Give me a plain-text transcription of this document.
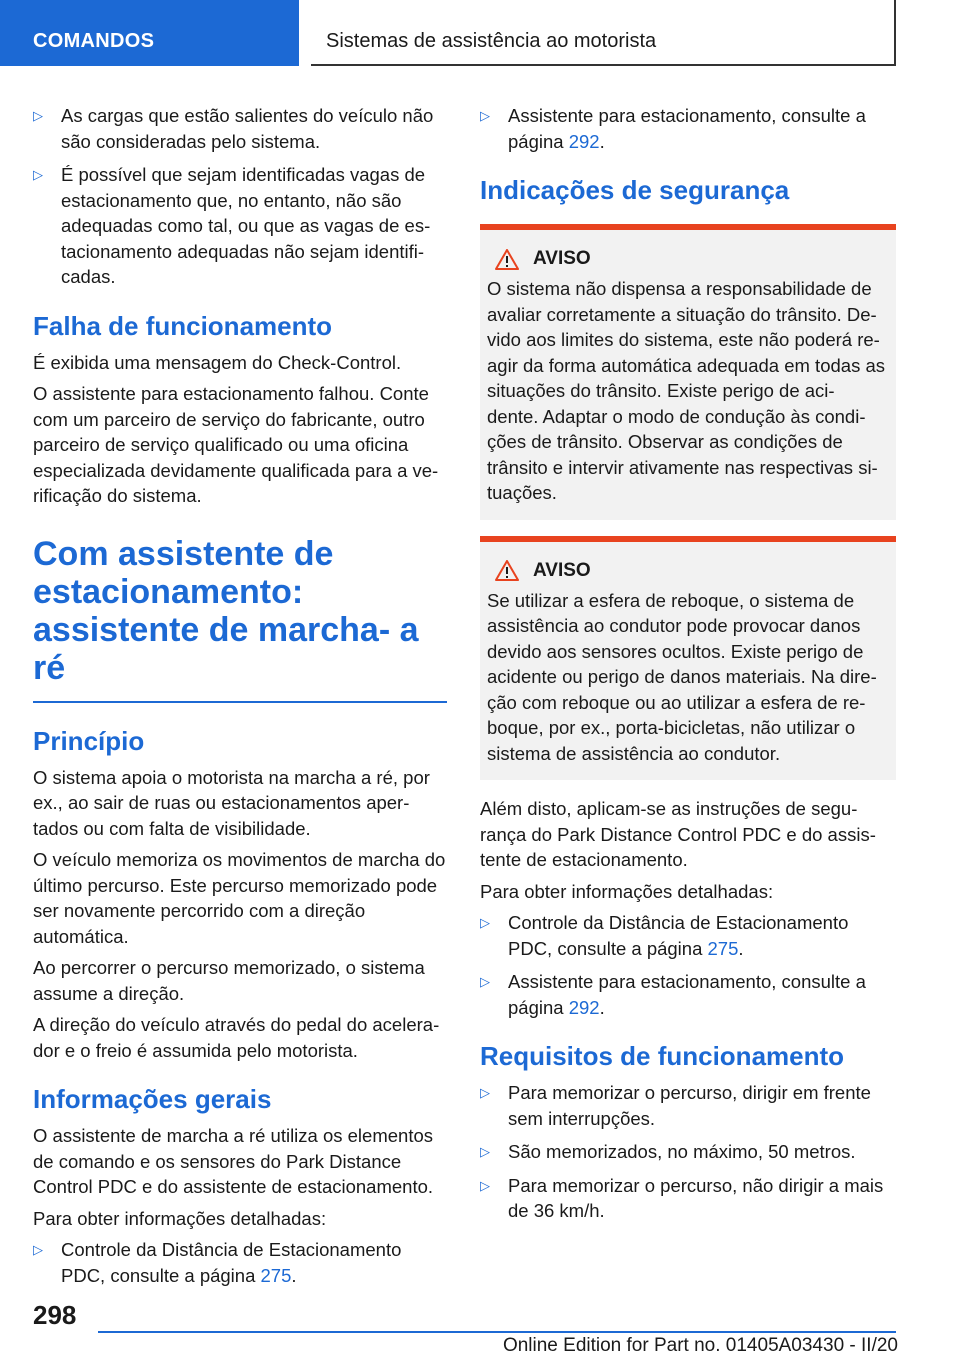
COMANDOS	Sistemas de assistência ao motorista
▷ As cargas que estão salientes do veículo não são consideradas pelo sistema.
▷ É possível que sejam identificadas vagas de estacionamento que, no entanto, não são adequadas como tal, ou que as vagas de es- tacionamento adequadas não sejam identifi- cadas.
Falha de funcionamento

É exibida uma mensagem do Check-Control.

O assistente para estacionamento falhou. Conte com um parceiro de serviço do fabricante, outro parceiro de serviço qualificado ou uma oficina especializada devidamente qualificada para a ve- rificação do sistema.

Com assistente de estacionamento: assistente de marcha- a ré
Princípio

O sistema apoia o motorista na marcha a ré, por ex., ao sair de ruas ou estacionamentos aper- tados ou com falta de visibilidade.

O veículo memoriza os movimentos de marcha do último percurso. Este percurso memorizado pode ser novamente percorrido com a direção automática.

Ao percorrer o percurso memorizado, o sistema assume a direção.

A direção do veículo através do pedal do acelera- dor e o freio é assumida pelo motorista.

Informações gerais

O assistente de marcha a ré utiliza os elementos de comando e os sensores do Park Distance Control PDC e do assistente de estacionamento.

Para obter informações detalhadas:

▷ Controle da Distância de Estacionamento PDC, consulte a página 275.
▷ Assistente para estacionamento, consulte a página 292.
Indicações de segurança
AVISO

O sistema não dispensa a responsabilidade de avaliar corretamente a situação do trânsito. De- vido aos limites do sistema, este não poderá re- agir da forma automática adequada em todas as situações do trânsito. Existe perigo de aci- dente. Adaptar o modo de condução às condi- ções de trânsito. Observar as condições de trânsito e intervir ativamente nas respectivas si- tuações.

AVISO

Se utilizar a esfera de reboque, o sistema de assistência ao condutor pode provocar danos devido aos sensores ocultos. Existe perigo de acidente ou perigo de danos materiais. Na dire- ção com reboque ou ao utilizar a esfera de re- boque, por ex., porta-bicicletas, não utilizar o sistema de assistência ao condutor.

Além disto, aplicam-se as instruções de segu- rança do Park Distance Control PDC e do assis- tente de estacionamento.

Para obter informações detalhadas:

▷ Controle da Distância de Estacionamento PDC, consulte a página 275.
▷ Assistente para estacionamento, consulte a página 292.
Requisitos de funcionamento
▷ Para memorizar o percurso, dirigir em frente sem interrupções.
▷ São memorizados, no máximo, 50 metros.
▷ Para memorizar o percurso, não dirigir a mais de 36 km/h.
298
Online Edition for Part no. 01405A03430 - II/20
